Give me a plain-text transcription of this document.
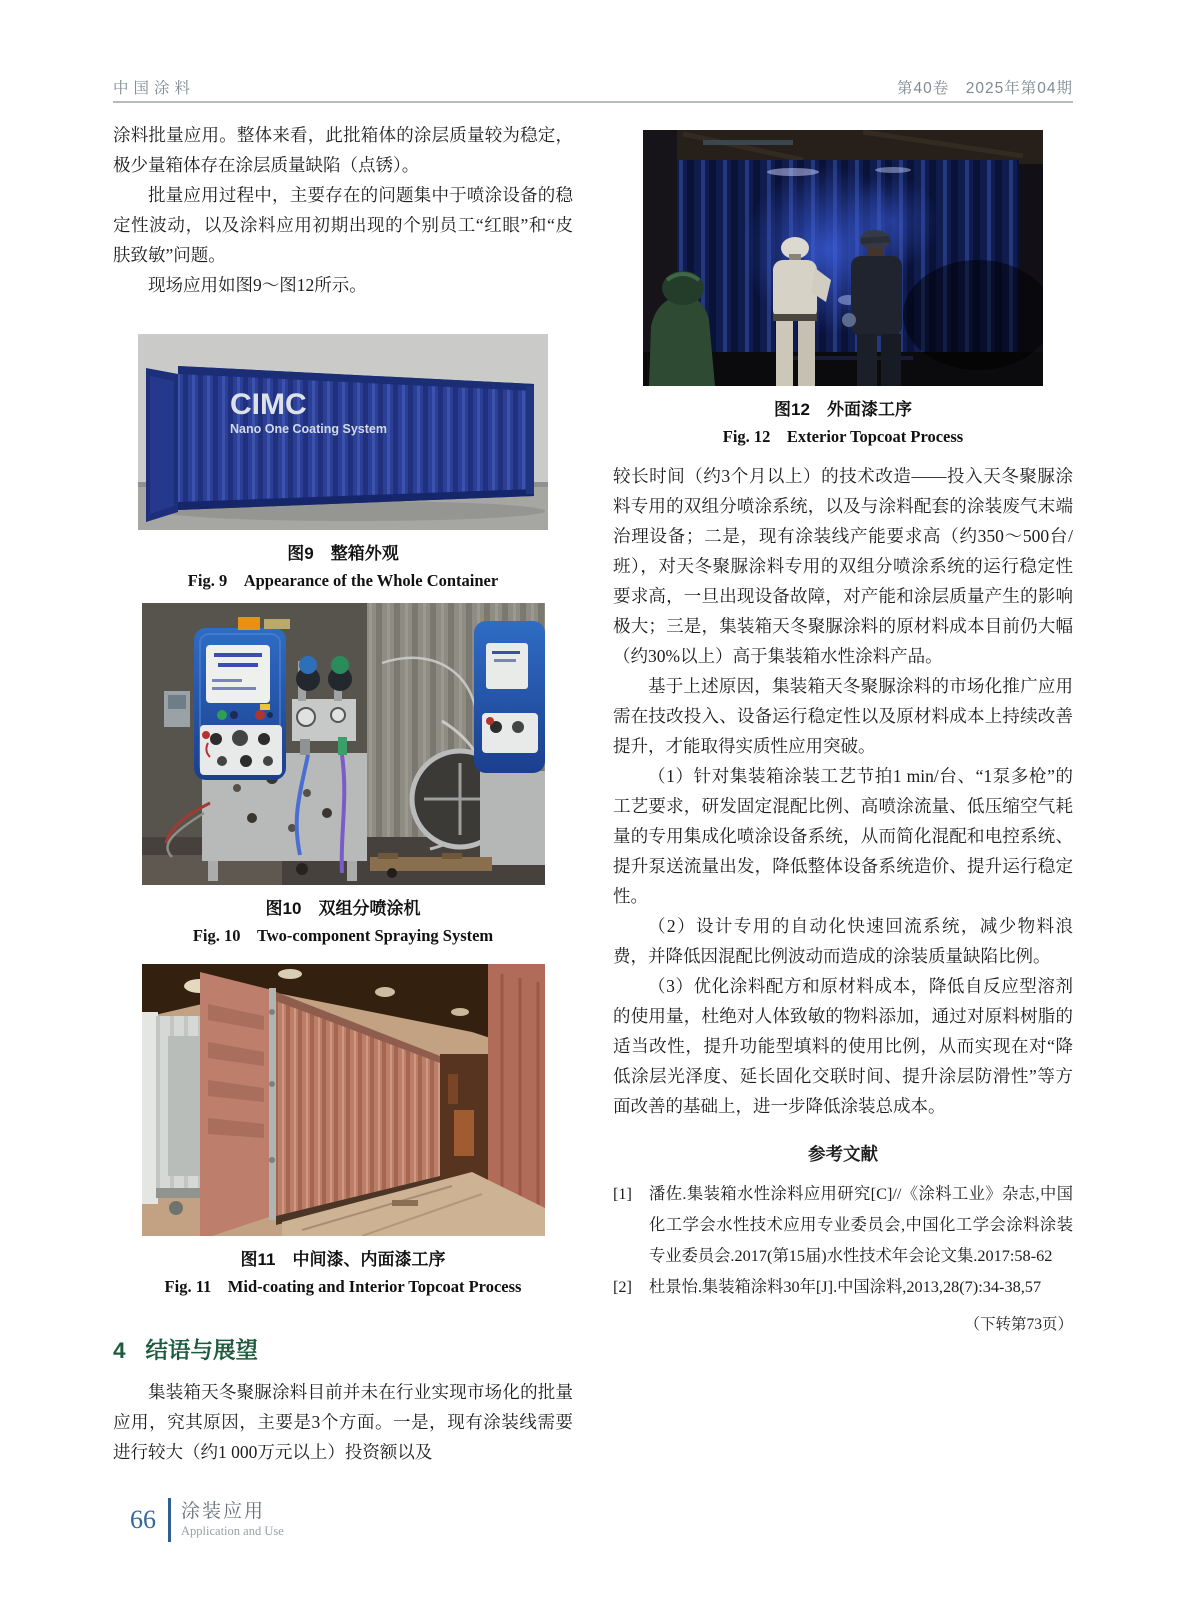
中国涂料	第40卷　2025年第04期

涂料批量应用。整体来看，此批箱体的涂层质量较为稳定，极少量箱体存在涂层质量缺陷（点锈）。

批量应用过程中，主要存在的问题集中于喷涂设备的稳定性波动，以及涂料应用初期出现的个别员工“红眼”和“皮肤致敏”问题。

现场应用如图9～图12所示。

CIMC
Nano One Coating System
图9　整箱外观
Fig. 9　Appearance of the Whole Container
图10　双组分喷涂机
Fig. 10　Two-component Spraying System
图11　中间漆、内面漆工序
Fig. 11　Mid-coating and Interior Topcoat Process
4 结语与展望

集装箱天冬聚脲涂料目前并未在行业实现市场化的批量应用，究其原因，主要是3个方面。一是，现有涂装线需要进行较大（约1 000万元以上）投资额以及

图12　外面漆工序
Fig. 12　Exterior Topcoat Process

较长时间（约3个月以上）的技术改造——投入天冬聚脲涂料专用的双组分喷涂系统，以及与涂料配套的涂装废气末端治理设备；二是，现有涂装线产能要求高（约350～500台/班），对天冬聚脲涂料专用的双组分喷涂系统的运行稳定性要求高，一旦出现设备故障，对产能和涂层质量产生的影响极大；三是，集装箱天冬聚脲涂料的原材料成本目前仍大幅（约30%以上）高于集装箱水性涂料产品。

基于上述原因，集装箱天冬聚脲涂料的市场化推广应用需在技改投入、设备运行稳定性以及原材料成本上持续改善提升，才能取得实质性应用突破。

（1）针对集装箱涂装工艺节拍1 min/台、“1泵多枪”的工艺要求，研发固定混配比例、高喷涂流量、低压缩空气耗量的专用集成化喷涂设备系统，从而简化混配和电控系统、提升泵送流量出发，降低整体设备系统造价、提升运行稳定性。

（2）设计专用的自动化快速回流系统，减少物料浪费，并降低因混配比例波动而造成的涂装质量缺陷比例。

（3）优化涂料配方和原材料成本，降低自反应型溶剂的使用量，杜绝对人体致敏的物料添加，通过对原料树脂的适当改性，提升功能型填料的使用比例，从而实现在对“降低涂层光泽度、延长固化交联时间、提升涂层防滑性”等方面改善的基础上，进一步降低涂装总成本。

参考文献
[1]	潘佐.集装箱水性涂料应用研究[C]//《涂料工业》杂志,中国化工学会水性技术应用专业委员会,中国化工学会涂料涂装专业委员会.2017(第15届)水性技术年会论文集.2017:58-62
[2]	杜景怡.集装箱涂料30年[J].中国涂料,2013,28(7):34-38,57
（下转第73页）
66 涂装应用
Application and Use
